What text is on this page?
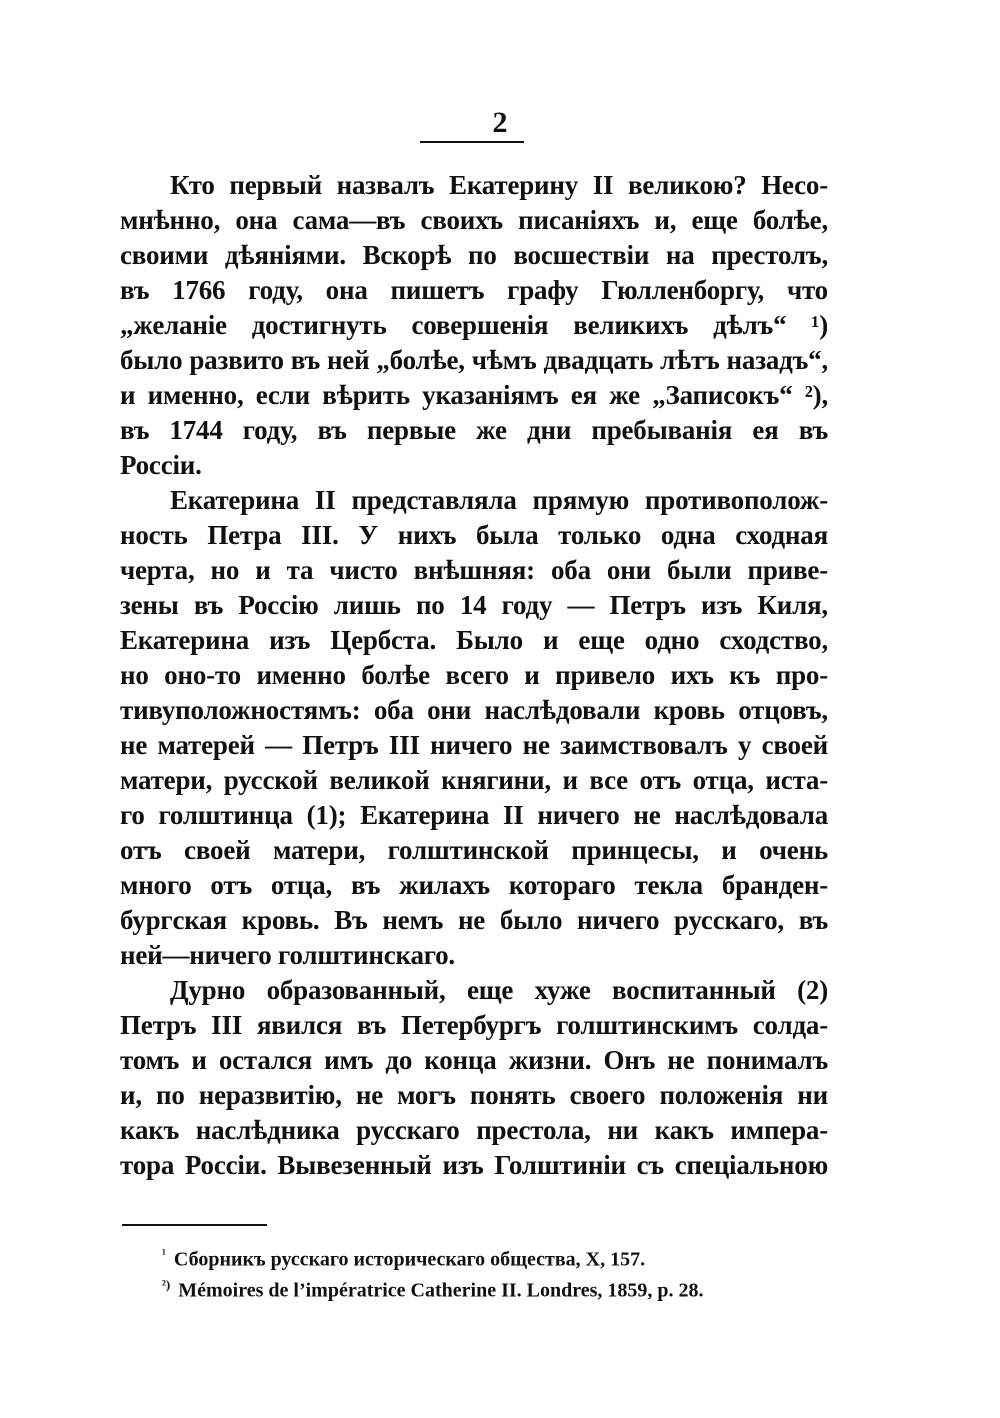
2
Кто первый назвалъ Екатерину II великою? Несо-
мнѣнно, она сама—въ своихъ писаніяхъ и, еще болѣе,
своими дѣяніями. Вскорѣ по восшествіи на престолъ,
въ 1766 году, она пишетъ графу Гюлленборгу, что
„желаніе достигнуть совершенія великихъ дѣлъ“ ¹)
было развито въ ней „болѣе, чѣмъ двадцать лѣтъ назадъ“,
и именно, если вѣрить указаніямъ ея же „Записокъ“ ²),
въ 1744 году, въ первые же дни пребыванія ея въ
Россіи.
Екатерина II представляла прямую противополож-
ность Петра III. У нихъ была только одна сходная
черта, но и та чисто внѣшняя: оба они были приве-
зены въ Россію лишь по 14 году — Петръ изъ Киля,
Екатерина изъ Цербста. Было и еще одно сходство,
но оно-то именно болѣе всего и привело ихъ къ про-
тивуположностямъ: оба они наслѣдовали кровь отцовъ,
не матерей — Петръ III ничего не заимствовалъ у своей
матери, русской великой княгини, и все отъ отца, иста-
го голштинца (1); Екатерина II ничего не наслѣдовала
отъ своей матери, голштинской принцесы, и очень
много отъ отца, въ жилахъ котораго текла бранден-
бургская кровь. Въ немъ не было ничего русскаго, въ
ней—ничего голштинскаго.
Дурно образованный, еще хуже воспитанный (2)
Петръ III явился въ Петербургъ голштинскимъ солда-
томъ и остался имъ до конца жизни. Онъ не понималъ
и, по неразвитію, не могъ понять своего положенія ни
какъ наслѣдника русскаго престола, ни какъ импера-
тора Россіи. Вывезенный изъ Голштиніи съ спеціальною
$^{^1}$ Сборникъ русскаго историческаго общества, X, 157.
$^{^2)}$ Mémoires de l’impératrice Catherine II. Londres, 1859, p. 28.
